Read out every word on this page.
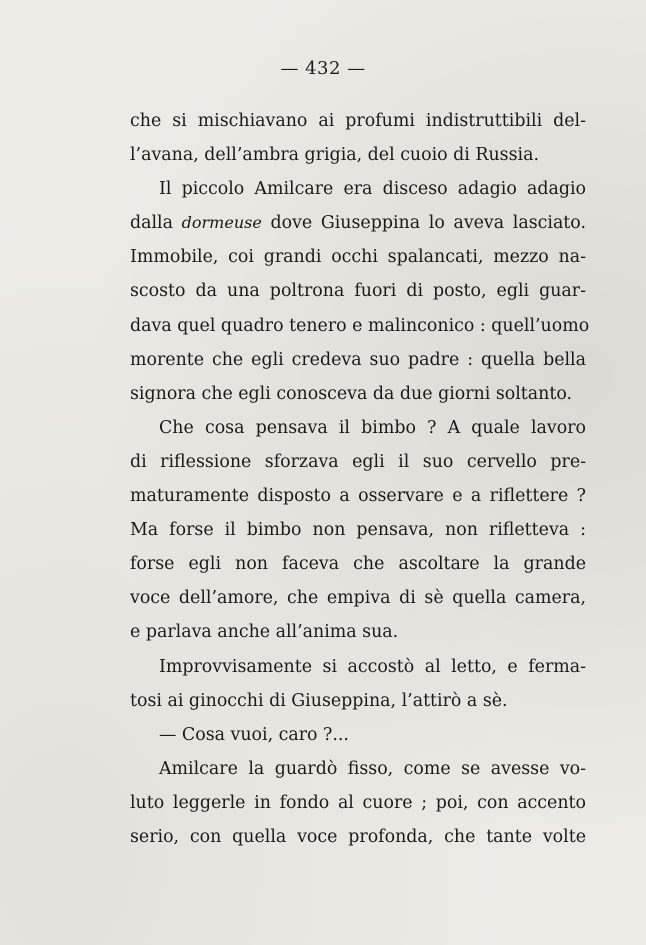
— 432 —
che si mischiavano ai profumi indistruttibili del-
l’avana, dell’ambra grigia, del cuoio di Russia.
Il piccolo Amilcare era disceso adagio adagio
dalla dormeuse dove Giuseppina lo aveva lasciato.
Immobile, coi grandi occhi spalancati, mezzo na-
scosto da una poltrona fuori di posto, egli guar-
dava quel quadro tenero e malinconico : quell’uomo
morente che egli credeva suo padre : quella bella
signora che egli conosceva da due giorni soltanto.
Che cosa pensava il bimbo ? A quale lavoro
di riflessione sforzava egli il suo cervello pre-
maturamente disposto a osservare e a riflettere ?
Ma forse il bimbo non pensava, non rifletteva :
forse egli non faceva che ascoltare la grande
voce dell’amore, che empiva di sè quella camera,
e parlava anche all’anima sua.
Improvvisamente si accostò al letto, e ferma-
tosi ai ginocchi di Giuseppina, l’attirò a sè.
— Cosa vuoi, caro ?...
Amilcare la guardò fisso, come se avesse vo-
luto leggerle in fondo al cuore ; poi, con accento
serio, con quella voce profonda, che tante volte
